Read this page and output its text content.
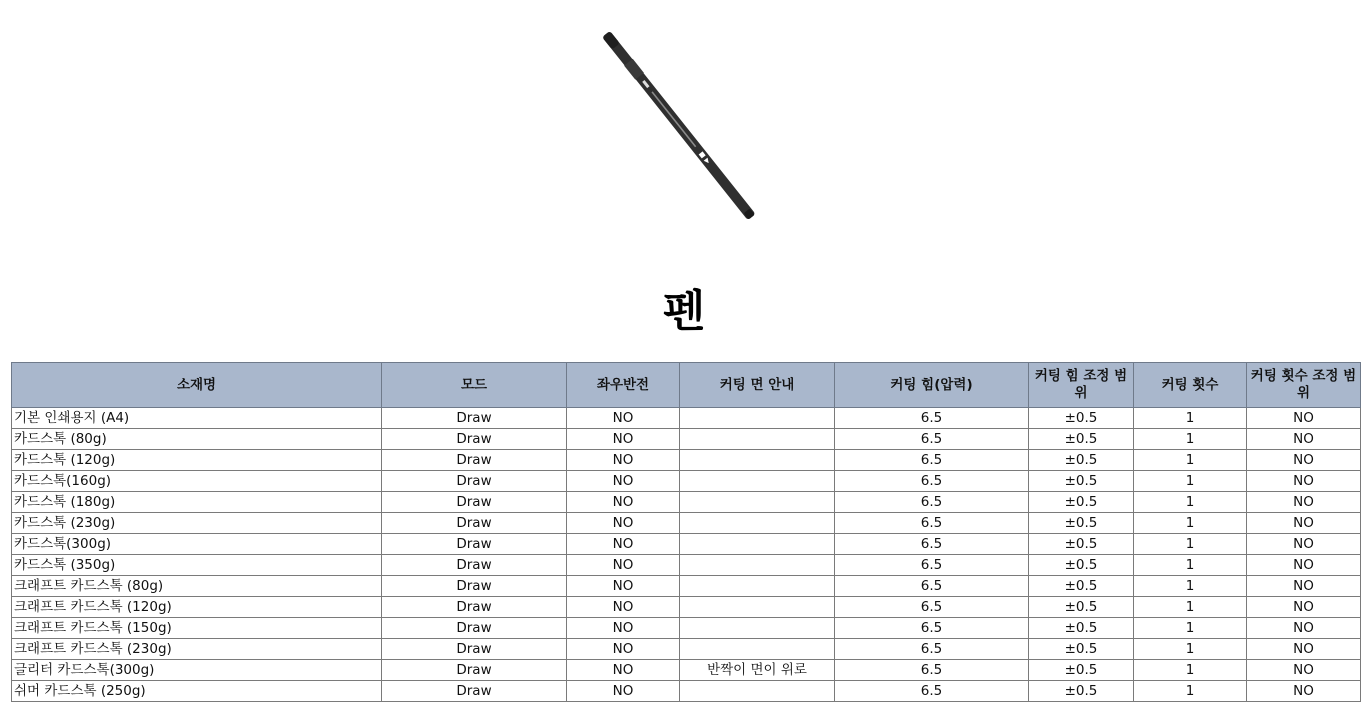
펜
소재명	모드	좌우반전	커팅 면 안내	커팅 힘(압력)	커팅 힘 조정 범위	커팅 횟수	커팅 횟수 조정 범위
기본 인쇄용지 (A4)	Draw	NO		6.5	±0.5	1	NO
카드스톡 (80g)	Draw	NO		6.5	±0.5	1	NO
카드스톡 (120g)	Draw	NO		6.5	±0.5	1	NO
카드스톡(160g)	Draw	NO		6.5	±0.5	1	NO
카드스톡 (180g)	Draw	NO		6.5	±0.5	1	NO
카드스톡 (230g)	Draw	NO		6.5	±0.5	1	NO
카드스톡(300g)	Draw	NO		6.5	±0.5	1	NO
카드스톡 (350g)	Draw	NO		6.5	±0.5	1	NO
크래프트 카드스톡 (80g)	Draw	NO		6.5	±0.5	1	NO
크래프트 카드스톡 (120g)	Draw	NO		6.5	±0.5	1	NO
크래프트 카드스톡 (150g)	Draw	NO		6.5	±0.5	1	NO
크래프트 카드스톡 (230g)	Draw	NO		6.5	±0.5	1	NO
글리터 카드스톡(300g)	Draw	NO	반짝이 면이 위로	6.5	±0.5	1	NO
쉬머 카드스톡 (250g)	Draw	NO		6.5	±0.5	1	NO
